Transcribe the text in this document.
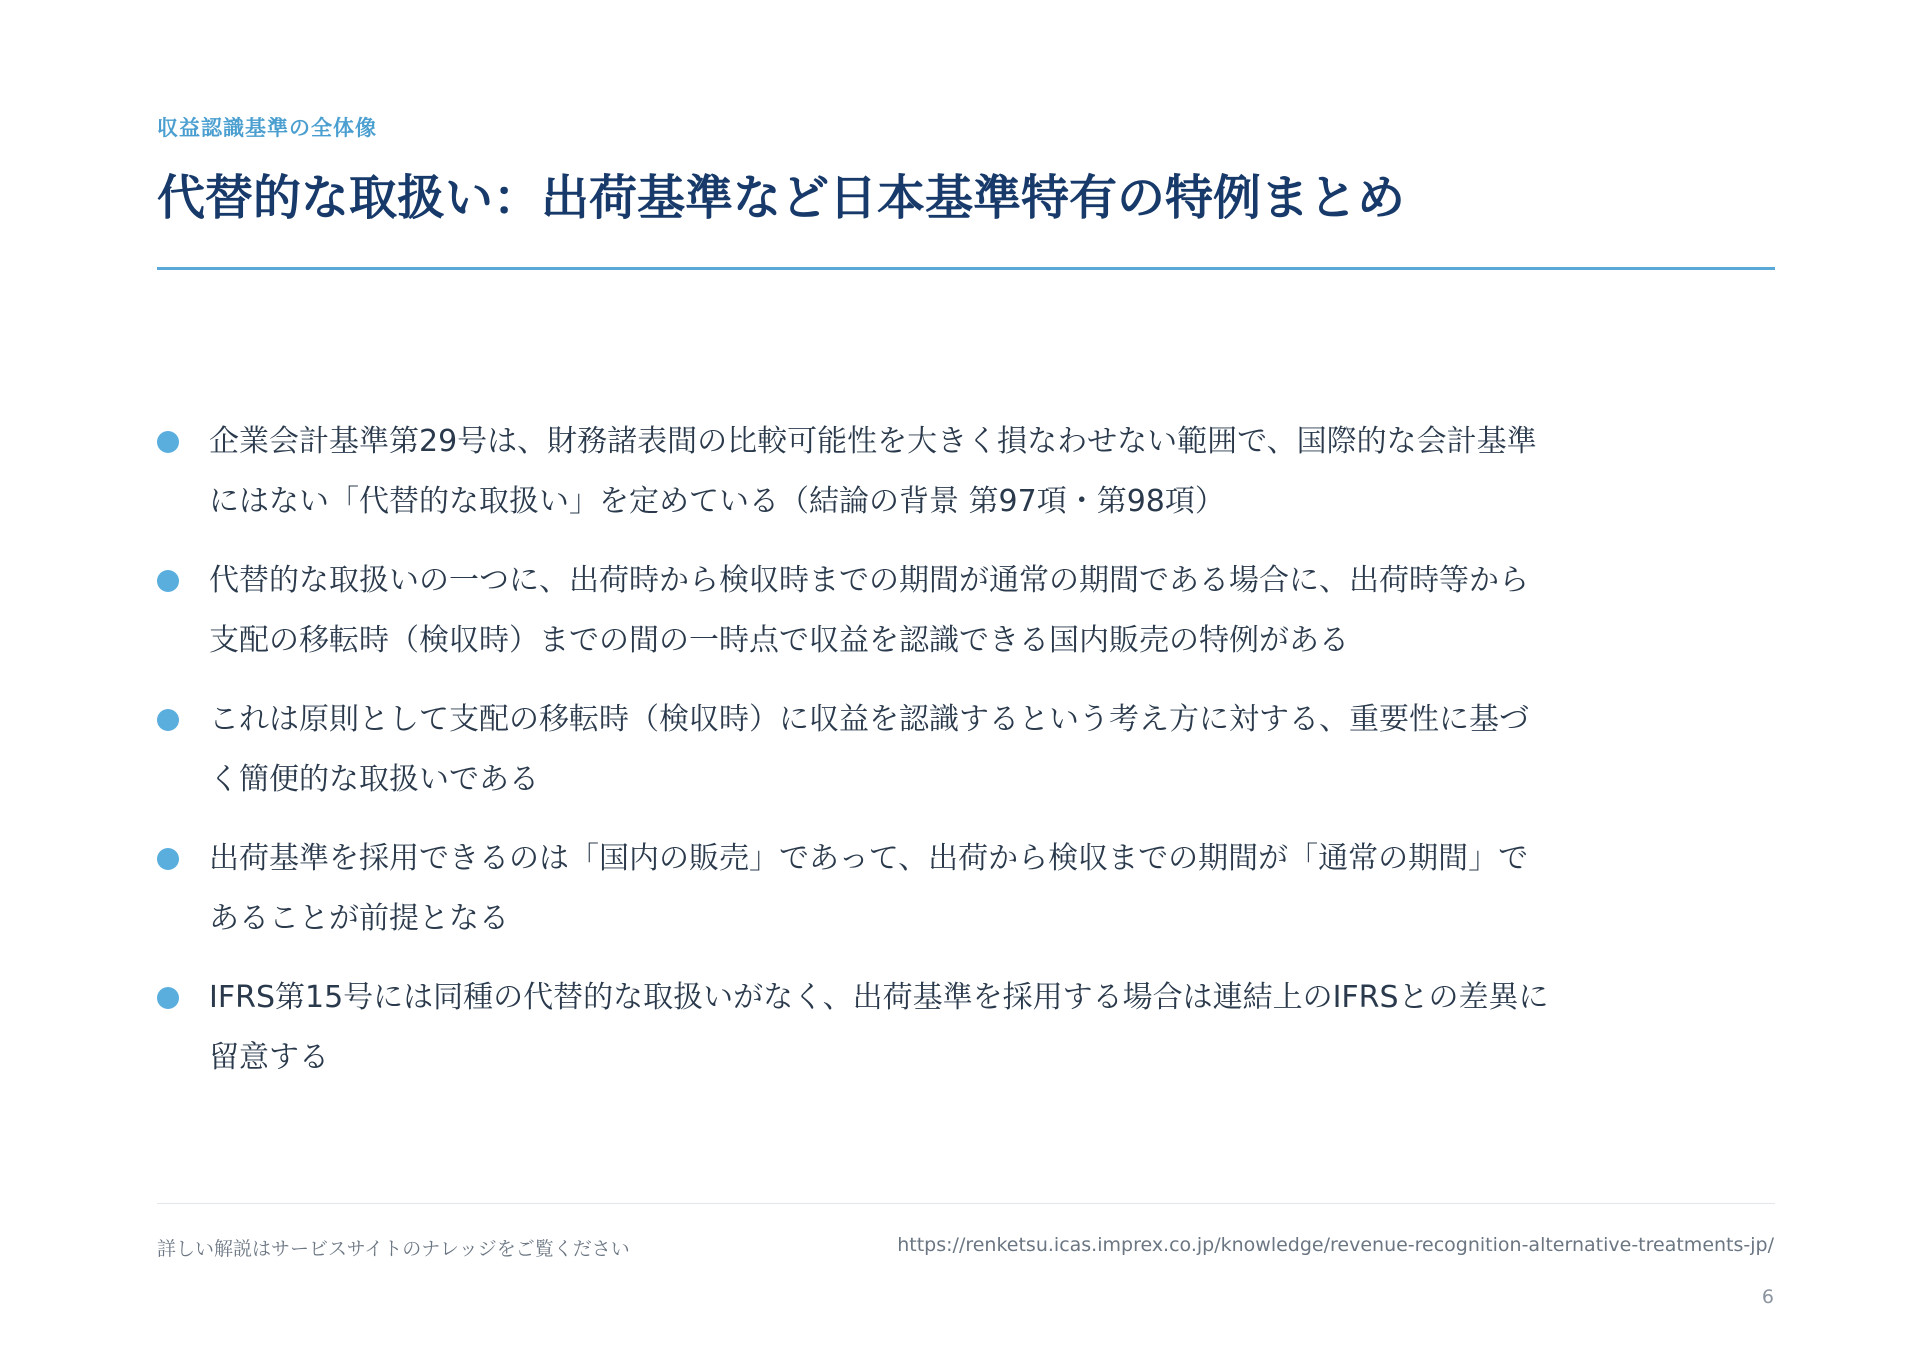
収益認識基準の全体像
代替的な取扱い：出荷基準など日本基準特有の特例まとめ
企業会計基準第29号は、財務諸表間の比較可能性を大きく損なわせない範囲で、国際的な会計基準にはない「代替的な取扱い」を定めている（結論の背景 第97項・第98項）
代替的な取扱いの一つに、出荷時から検収時までの期間が通常の期間である場合に、出荷時等から支配の移転時（検収時）までの間の一時点で収益を認識できる国内販売の特例がある
これは原則として支配の移転時（検収時）に収益を認識するという考え方に対する、重要性に基づく簡便的な取扱いである
出荷基準を採用できるのは「国内の販売」であって、出荷から検収までの期間が「通常の期間」であることが前提となる
IFRS第15号には同種の代替的な取扱いがなく、出荷基準を採用する場合は連結上のIFRSとの差異に留意する
詳しい解説はサービスサイトのナレッジをご覧ください	https://renketsu.icas.imprex.co.jp/knowledge/revenue-recognition-alternative-treatments-jp/
6
